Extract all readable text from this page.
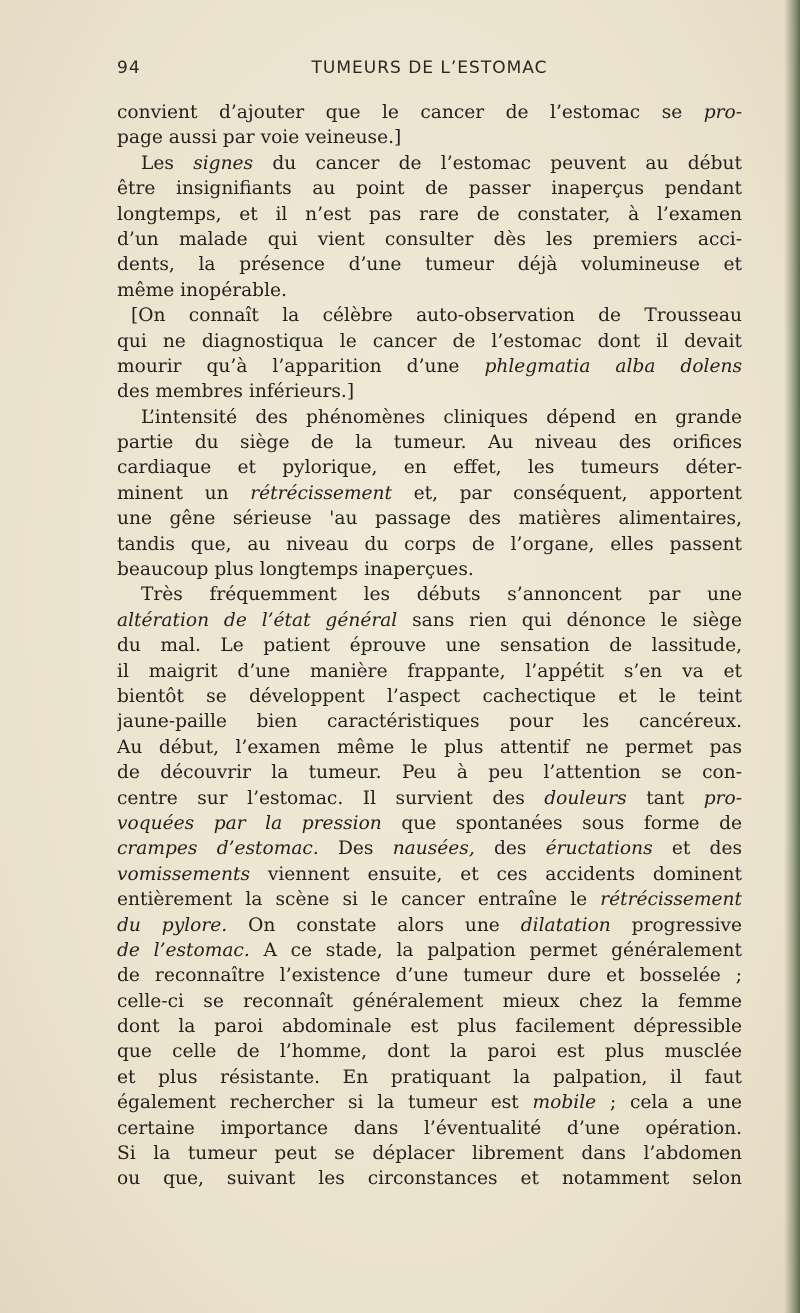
94	TUMEURS DE L’ESTOMAC
convient d’ajouter que le cancer de l’estomac se pro-
page aussi par voie veineuse.]
Les signes du cancer de l’estomac peuvent au début
être insignifiants au point de passer inaperçus pendant
longtemps, et il n’est pas rare de constater, à l’examen
d’un malade qui vient consulter dès les premiers acci-
dents, la présence d’une tumeur déjà volumineuse et
même inopérable.
[On connaît la célèbre auto-observation de Trousseau
qui ne diagnostiqua le cancer de l’estomac dont il devait
mourir qu’à l’apparition d’une phlegmatia alba dolens
des membres inférieurs.]
L’intensité des phénomènes cliniques dépend en grande
partie du siège de la tumeur. Au niveau des orifices
cardiaque et pylorique, en effet, les tumeurs déter-
minent un rétrécissement et, par conséquent, apportent
une gêne sérieuse 'au passage des matières alimentaires,
tandis que, au niveau du corps de l’organe, elles passent
beaucoup plus longtemps inaperçues.
Très fréquemment les débuts s’annoncent par une
altération de l’état général sans rien qui dénonce le siège
du mal. Le patient éprouve une sensation de lassitude,
il maigrit d’une manière frappante, l’appétit s’en va et
bientôt se développent l’aspect cachectique et le teint
jaune-paille bien caractéristiques pour les cancéreux.
Au début, l’examen même le plus attentif ne permet pas
de découvrir la tumeur. Peu à peu l’attention se con-
centre sur l’estomac. Il survient des douleurs tant pro-
voquées par la pression que spontanées sous forme de
crampes d’estomac. Des nausées, des éructations et des
vomissements viennent ensuite, et ces accidents dominent
entièrement la scène si le cancer entraîne le rétrécissement
du pylore. On constate alors une dilatation progressive
de l’estomac. A ce stade, la palpation permet généralement
de reconnaître l’existence d’une tumeur dure et bosselée ;
celle-ci se reconnaît généralement mieux chez la femme
dont la paroi abdominale est plus facilement dépressible
que celle de l’homme, dont la paroi est plus musclée
et plus résistante. En pratiquant la palpation, il faut
également rechercher si la tumeur est mobile ; cela a une
certaine importance dans l’éventualité d’une opération.
Si la tumeur peut se déplacer librement dans l’abdomen
ou que, suivant les circonstances et notamment selon
